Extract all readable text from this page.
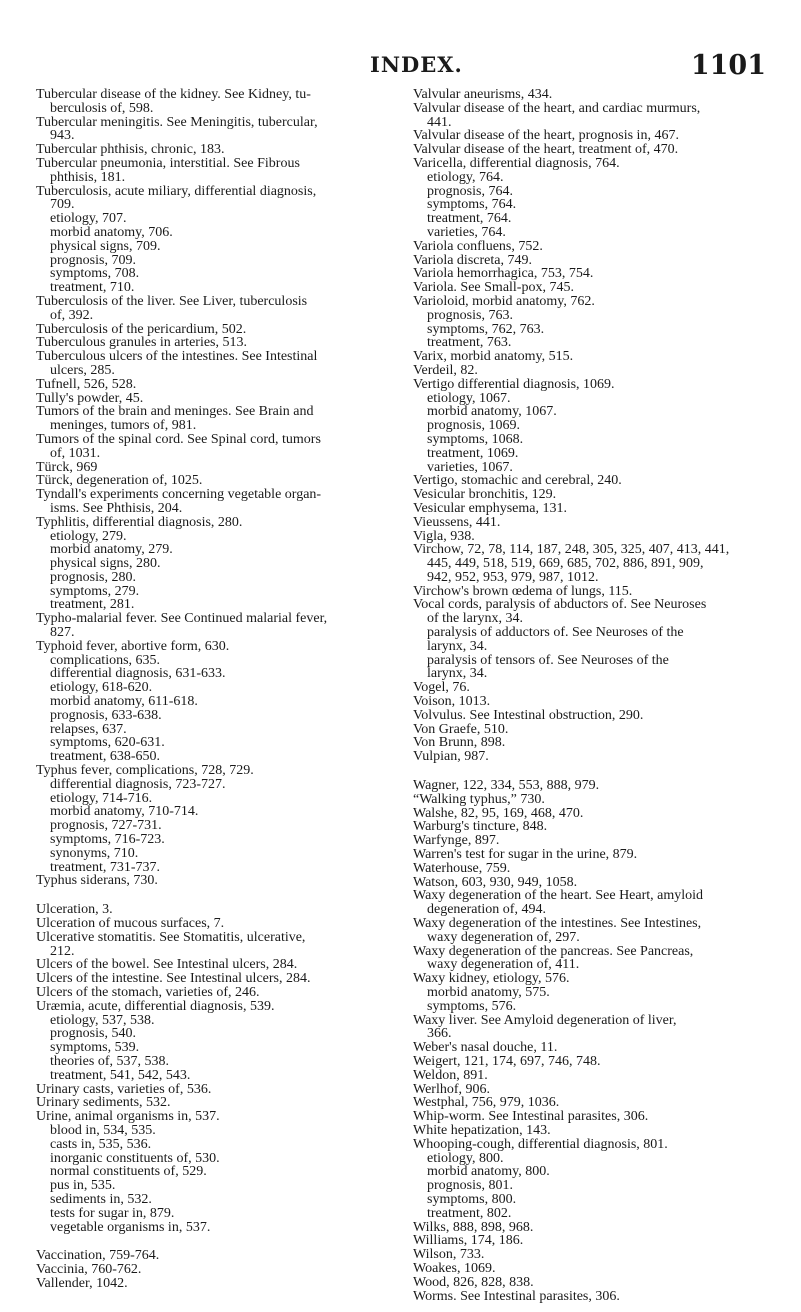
INDEX.	1101
Tubercular disease of the kidney. See Kidney, tu-
berculosis of, 598.
Tubercular meningitis. See Meningitis, tubercular,
943.
Tubercular phthisis, chronic, 183.
Tubercular pneumonia, interstitial. See Fibrous
phthisis, 181.
Tuberculosis, acute miliary, differential diagnosis,
709.
etiology, 707.
morbid anatomy, 706.
physical signs, 709.
prognosis, 709.
symptoms, 708.
treatment, 710.
Tuberculosis of the liver. See Liver, tuberculosis
of, 392.
Tuberculosis of the pericardium, 502.
Tuberculous granules in arteries, 513.
Tuberculous ulcers of the intestines. See Intestinal
ulcers, 285.
Tufnell, 526, 528.
Tully's powder, 45.
Tumors of the brain and meninges. See Brain and
meninges, tumors of, 981.
Tumors of the spinal cord. See Spinal cord, tumors
of, 1031.
Türck, 969
Türck, degeneration of, 1025.
Tyndall's experiments concerning vegetable organ-
isms. See Phthisis, 204.
Typhlitis, differential diagnosis, 280.
etiology, 279.
morbid anatomy, 279.
physical signs, 280.
prognosis, 280.
symptoms, 279.
treatment, 281.
Typho-malarial fever. See Continued malarial fever,
827.
Typhoid fever, abortive form, 630.
complications, 635.
differential diagnosis, 631-633.
etiology, 618-620.
morbid anatomy, 611-618.
prognosis, 633-638.
relapses, 637.
symptoms, 620-631.
treatment, 638-650.
Typhus fever, complications, 728, 729.
differential diagnosis, 723-727.
etiology, 714-716.
morbid anatomy, 710-714.
prognosis, 727-731.
symptoms, 716-723.
synonyms, 710.
treatment, 731-737.
Typhus siderans, 730.
Ulceration, 3.
Ulceration of mucous surfaces, 7.
Ulcerative stomatitis. See Stomatitis, ulcerative,
212.
Ulcers of the bowel. See Intestinal ulcers, 284.
Ulcers of the intestine. See Intestinal ulcers, 284.
Ulcers of the stomach, varieties of, 246.
Uræmia, acute, differential diagnosis, 539.
etiology, 537, 538.
prognosis, 540.
symptoms, 539.
theories of, 537, 538.
treatment, 541, 542, 543.
Urinary casts, varieties of, 536.
Urinary sediments, 532.
Urine, animal organisms in, 537.
blood in, 534, 535.
casts in, 535, 536.
inorganic constituents of, 530.
normal constituents of, 529.
pus in, 535.
sediments in, 532.
tests for sugar in, 879.
vegetable organisms in, 537.
Vaccination, 759-764.
Vaccinia, 760-762.
Vallender, 1042.
Valvular aneurisms, 434.
Valvular disease of the heart, and cardiac murmurs,
441.
Valvular disease of the heart, prognosis in, 467.
Valvular disease of the heart, treatment of, 470.
Varicella, differential diagnosis, 764.
etiology, 764.
prognosis, 764.
symptoms, 764.
treatment, 764.
varieties, 764.
Variola confluens, 752.
Variola discreta, 749.
Variola hemorrhagica, 753, 754.
Variola. See Small-pox, 745.
Varioloid, morbid anatomy, 762.
prognosis, 763.
symptoms, 762, 763.
treatment, 763.
Varix, morbid anatomy, 515.
Verdeil, 82.
Vertigo differential diagnosis, 1069.
etiology, 1067.
morbid anatomy, 1067.
prognosis, 1069.
symptoms, 1068.
treatment, 1069.
varieties, 1067.
Vertigo, stomachic and cerebral, 240.
Vesicular bronchitis, 129.
Vesicular emphysema, 131.
Vieussens, 441.
Vigla, 938.
Virchow, 72, 78, 114, 187, 248, 305, 325, 407, 413, 441,
445, 449, 518, 519, 669, 685, 702, 886, 891, 909,
942, 952, 953, 979, 987, 1012.
Virchow's brown œdema of lungs, 115.
Vocal cords, paralysis of abductors of. See Neuroses
of the larynx, 34.
paralysis of adductors of. See Neuroses of the
larynx, 34.
paralysis of tensors of. See Neuroses of the
larynx, 34.
Vogel, 76.
Voison, 1013.
Volvulus. See Intestinal obstruction, 290.
Von Graefe, 510.
Von Brunn, 898.
Vulpian, 987.
Wagner, 122, 334, 553, 888, 979.
“Walking typhus,” 730.
Walshe, 82, 95, 169, 468, 470.
Warburg's tincture, 848.
Warfynge, 897.
Warren's test for sugar in the urine, 879.
Waterhouse, 759.
Watson, 603, 930, 949, 1058.
Waxy degeneration of the heart. See Heart, amyloid
degeneration of, 494.
Waxy degeneration of the intestines. See Intestines,
waxy degeneration of, 297.
Waxy degeneration of the pancreas. See Pancreas,
waxy degeneration of, 411.
Waxy kidney, etiology, 576.
morbid anatomy, 575.
symptoms, 576.
Waxy liver. See Amyloid degeneration of liver,
366.
Weber's nasal douche, 11.
Weigert, 121, 174, 697, 746, 748.
Weldon, 891.
Werlhof, 906.
Westphal, 756, 979, 1036.
Whip-worm. See Intestinal parasites, 306.
White hepatization, 143.
Whooping-cough, differential diagnosis, 801.
etiology, 800.
morbid anatomy, 800.
prognosis, 801.
symptoms, 800.
treatment, 802.
Wilks, 888, 898, 968.
Williams, 174, 186.
Wilson, 733.
Woakes, 1069.
Wood, 826, 828, 838.
Worms. See Intestinal parasites, 306.
